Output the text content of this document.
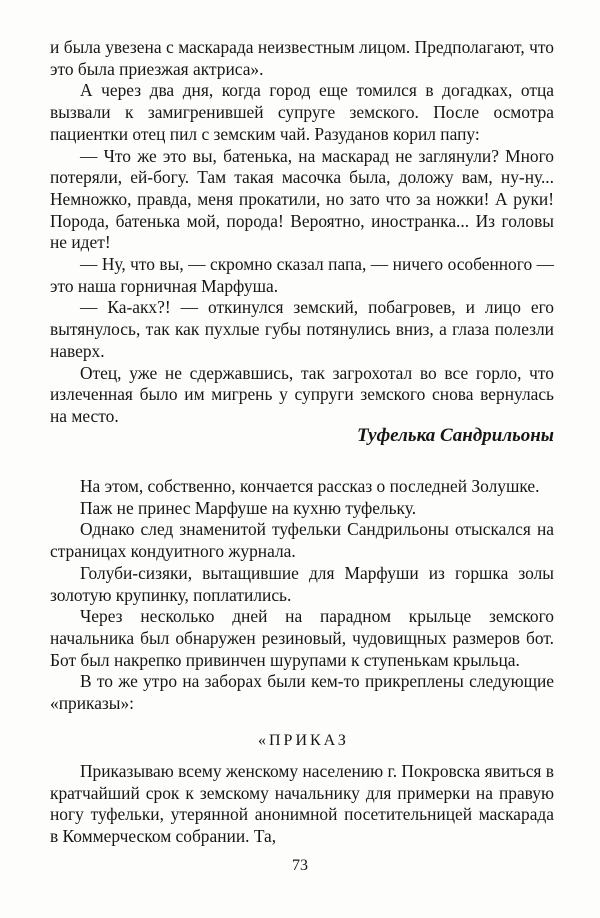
и была увезена с маскарада неизвестным лицом. Предполагают, что это была приезжая актриса».

А через два дня, когда город еще томился в догадках, отца вызвали к замигренившей супруге земского. После осмотра пациентки отец пил с земским чай. Разуданов корил папу:

— Что же это вы, батенька, на маскарад не заглянули? Много потеряли, ей-богу. Там такая масочка была, доложу вам, ну-ну... Немножко, правда, меня прокатили, но зато что за ножки! А руки! Порода, батенька мой, порода! Вероятно, иностранка... Из головы не идет!

— Ну, что вы, — скромно сказал папа, — ничего особенного — это наша горничная Марфуша.

— Ка-акх?! — откинулся земский, побагровев, и лицо его вытянулось, так как пухлые губы потянулись вниз, а глаза полезли наверх.

Отец, уже не сдержавшись, так загрохотал во все горло, что излеченная было им мигрень у супруги земского снова вернулась на место.

Туфелька Сандрильоны

На этом, собственно, кончается рассказ о последней Золушке.

Паж не принес Марфуше на кухню туфельку.

Однако след знаменитой туфельки Сандрильоны отыскался на страницах кондуитного журнала.

Голуби-сизяки, вытащившие для Марфуши из горшка золы золотую крупинку, поплатились.

Через несколько дней на парадном крыльце земского начальника был обнаружен резиновый, чудовищных размеров бот. Бот был накрепко привинчен шурупами к ступенькам крыльца.

В то же утро на заборах были кем-то прикреплены следующие «приказы»:

«ПРИКАЗ

Приказываю всему женскому населению г. Покровска явиться в кратчайший срок к земскому начальнику для примерки на правую ногу туфельки, утерянной анонимной посетительницей маскарада в Коммерческом собрании. Та,

73
